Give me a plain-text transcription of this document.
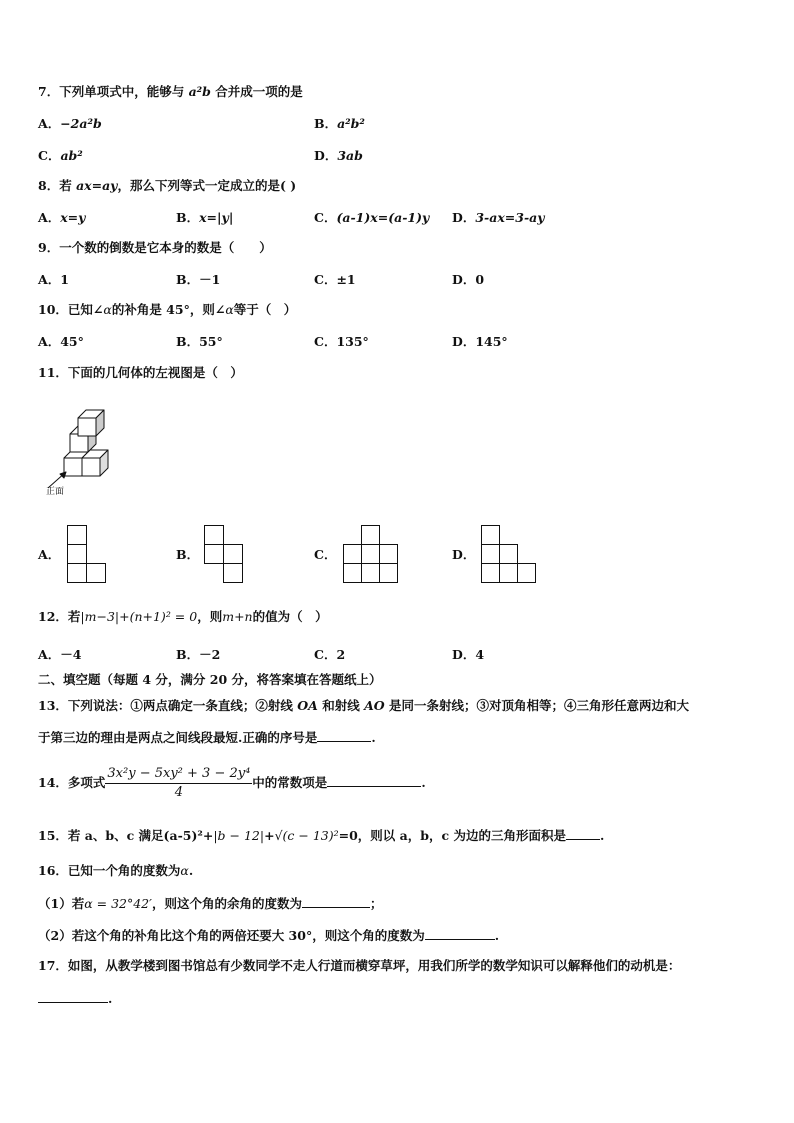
7．下列单项式中，能够与 a²b 合并成一项的是
A．−2a²b	B．a²b²
C．ab²	D．3ab
8．若 ax=ay，那么下列等式一定成立的是( )
A．x=y	B．x=|y|	C．(a-1)x=(a-1)y D．3-ax=3-ay
9．一个数的倒数是它本身的数是（　　）
A．1	B．－1	C．±1	D．0
10．已知∠α的补角是 45°，则∠α等于（　）
A．45°	B．55°	C．135°	D．145°
11．下面的几何体的左视图是（　）
正面
A．	B．	C．	D．
12．若|m−3|+(n+1)² = 0，则m+n的值为（　）
A．－4	B．－2	C．2	D．4
二、填空题（每题 4 分，满分 20 分，将答案填在答题纸上）
13．下列说法：①两点确定一条直线；②射线 OA 和射线 AO 是同一条射线；③对顶角相等；④三角形任意两边和大
于第三边的理由是两点之间线段最短.正确的序号是	.
14．多项式 $\frac{\text{3x²y − 5xy² + 3 − 2y⁴}}{4}$ 中的常数项是	.
15．若 a、b、c 满足(a-5)²+|b − 12|+√(c − 13)²=0，则以 a，b，c 为边的三角形面积是	.
16．已知一个角的度数为α.
（1）若α = 32°42′，则这个角的余角的度数为	；
（2）若这个角的补角比这个角的两倍还要大 30°，则这个角的度数为	.
17．如图，从教学楼到图书馆总有少数同学不走人行道而横穿草坪，用我们所学的数学知识可以解释他们的动机是：
.
